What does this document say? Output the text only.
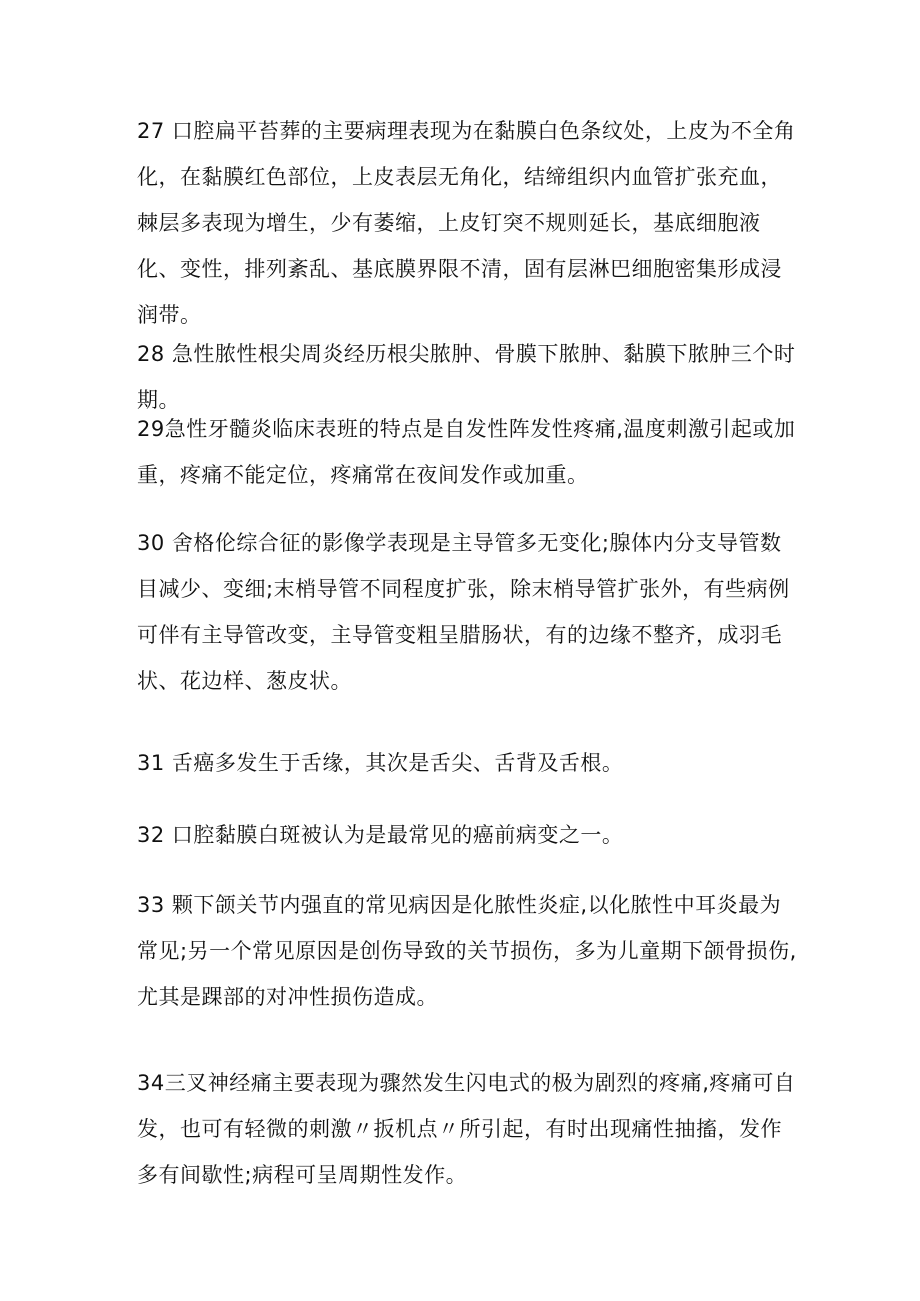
27 口腔扁平苔葬的主要病理表现为在黏膜白色条纹处，上皮为不全角化，在黏膜红色部位，上皮表层无角化，结缔组织内血管扩张充血，棘层多表现为增生，少有萎缩，上皮钉突不规则延长，基底细胞液化、变性，排列紊乱、基底膜界限不清，固有层淋巴细胞密集形成浸润带。

28 急性脓性根尖周炎经历根尖脓肿、骨膜下脓肿、黏膜下脓肿三个时期。

29急性牙髓炎临床表班的特点是自发性阵发性疼痛,温度刺激引起或加重，疼痛不能定位，疼痛常在夜间发作或加重。

30 舍格伦综合征的影像学表现是主导管多无变化;腺体内分支导管数目减少、变细;末梢导管不同程度扩张，除末梢导管扩张外，有些病例可伴有主导管改变，主导管变粗呈腊肠状，有的边缘不整齐，成羽毛状、花边样、葱皮状。

31 舌癌多发生于舌缘，其次是舌尖、舌背及舌根。

32 口腔黏膜白斑被认为是最常见的癌前病变之一。

33 颗下颌关节内强直的常见病因是化脓性炎症,以化脓性中耳炎最为常见;另一个常见原因是创伤导致的关节损伤，多为儿童期下颌骨损伤,尤其是踝部的对冲性损伤造成。

34三叉神经痛主要表现为骤然发生闪电式的极为剧烈的疼痛,疼痛可自发，也可有轻微的刺激〃扳机点〃所引起，有时出现痛性抽搐，发作多有间歇性;病程可呈周期性发作。
